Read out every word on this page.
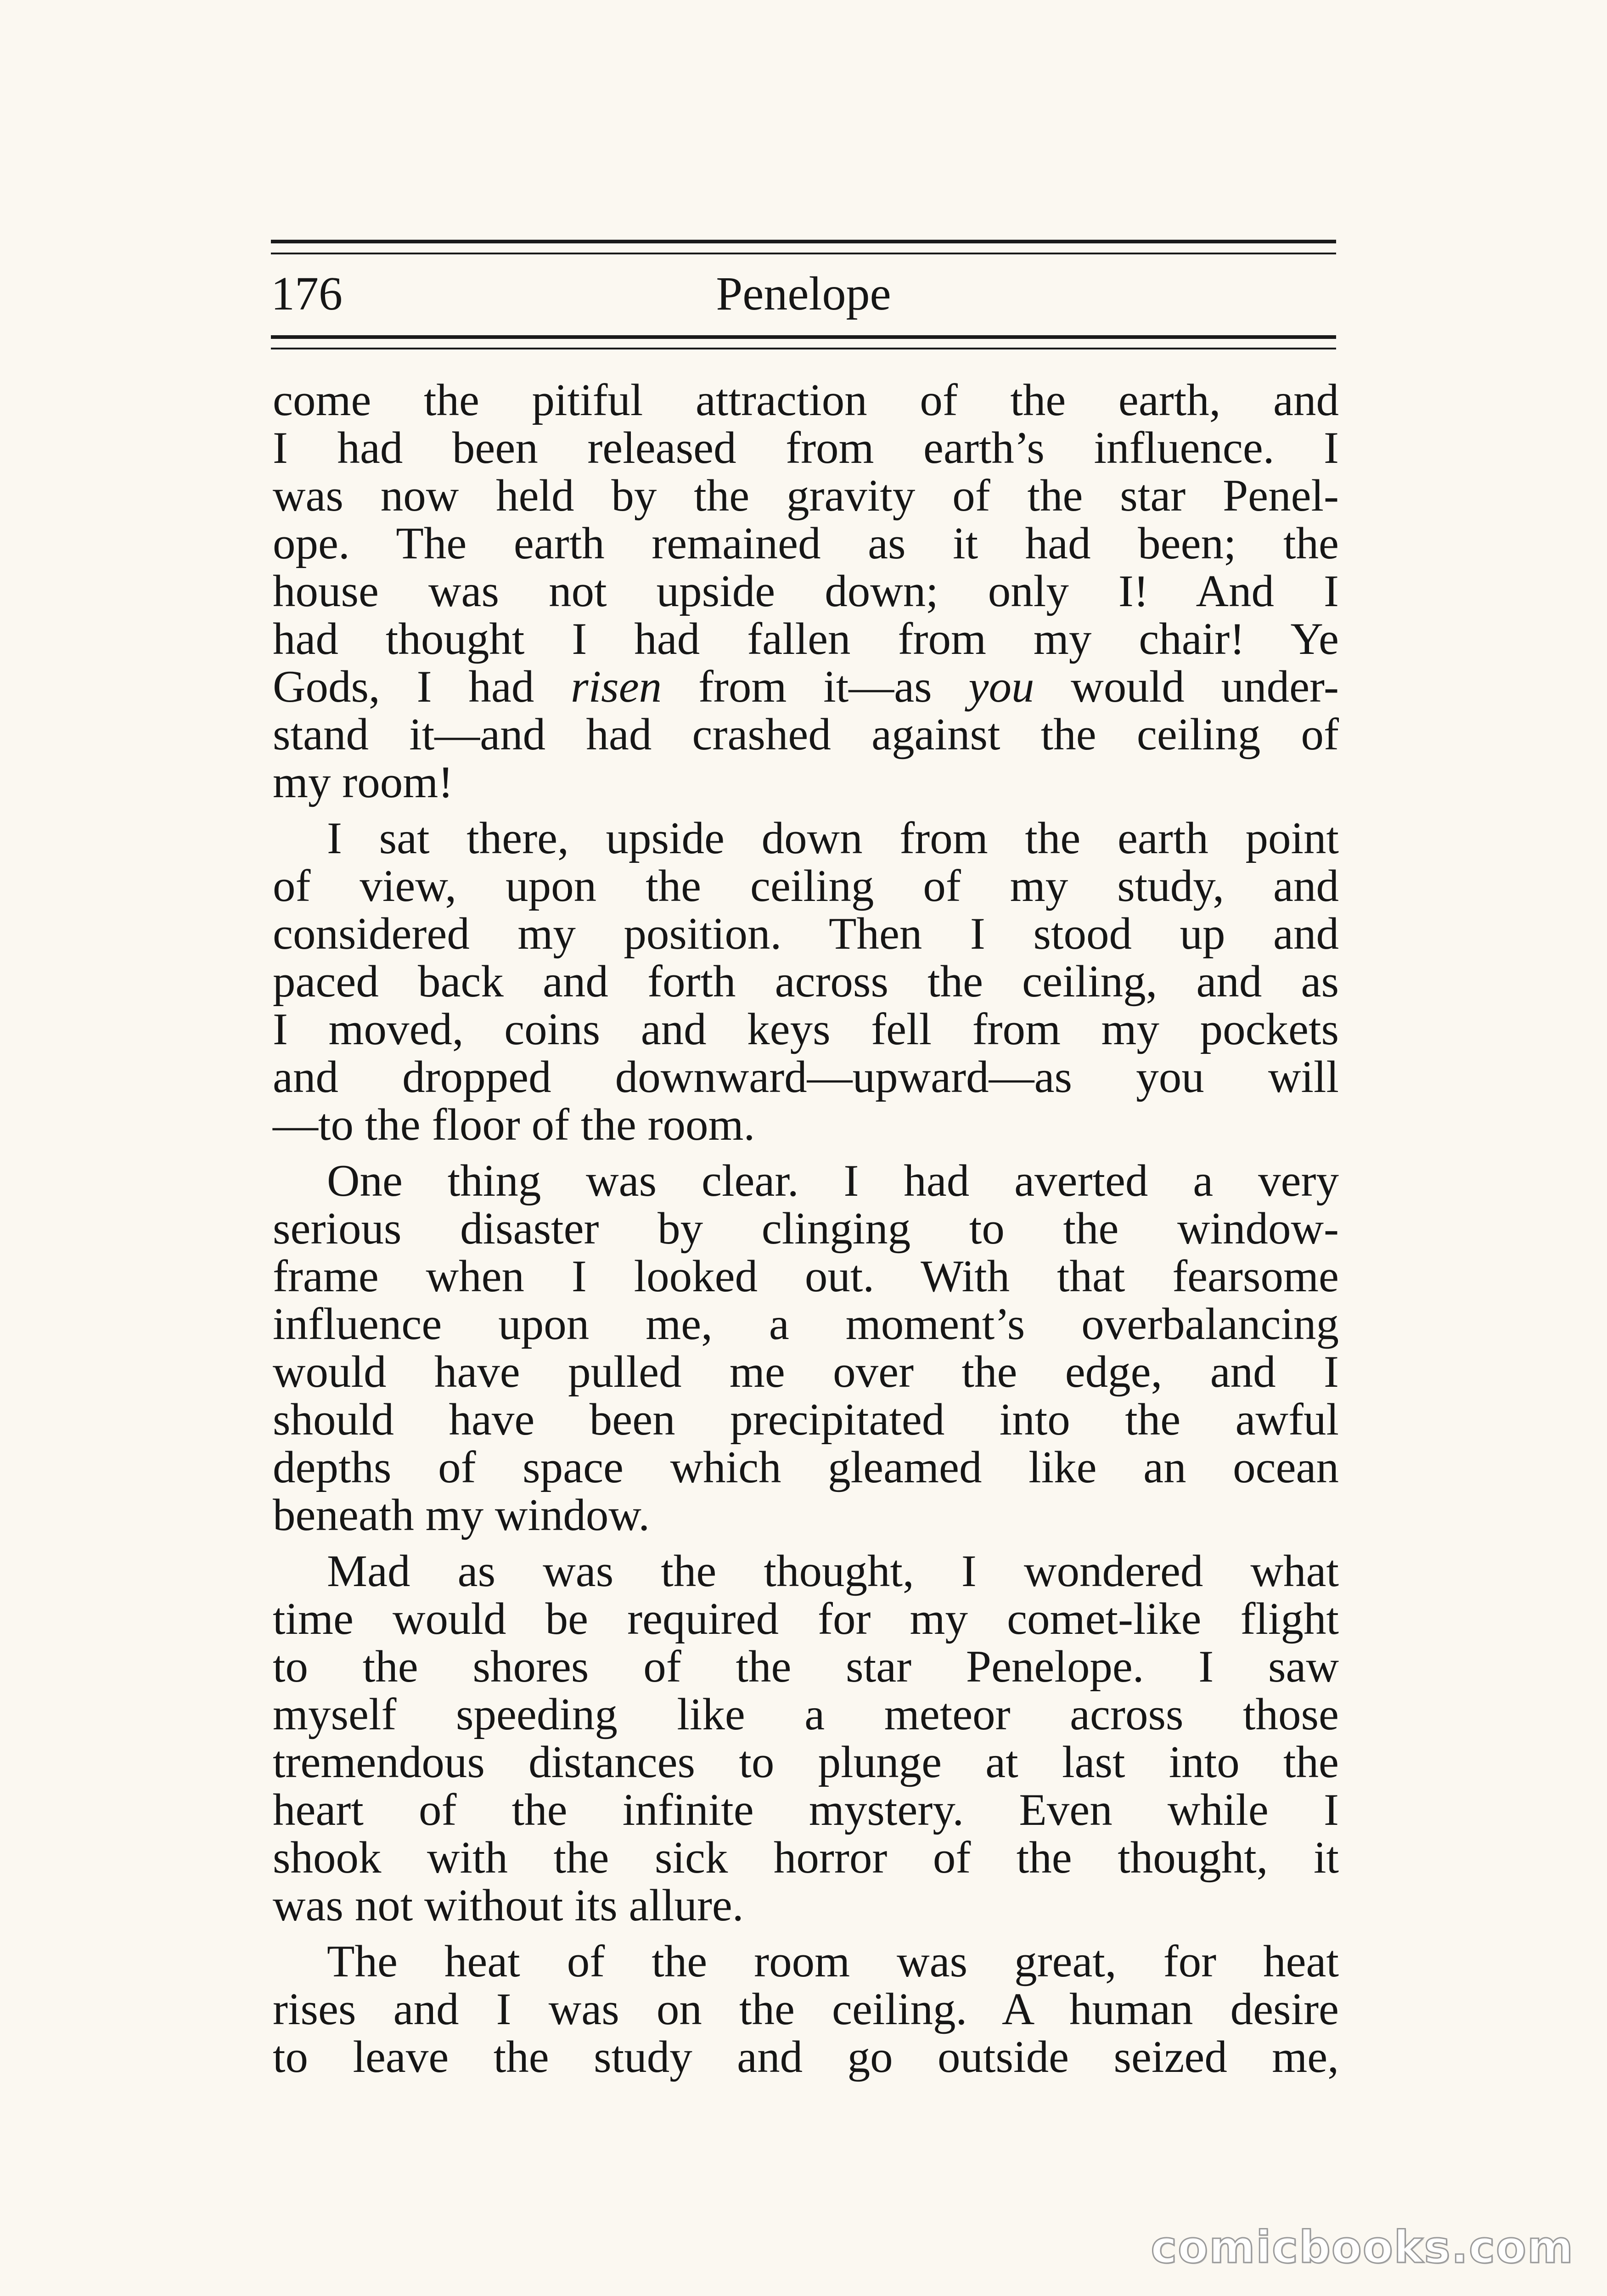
176	Penelope
come the pitiful attraction of the earth, and
I had been released from earth’s influence. I
was now held by the gravity of the star Penel-
ope. The earth remained as it had been; the
house was not upside down; only I! And I
had thought I had fallen from my chair! Ye
Gods, I had risen from it—as you would under-
stand it—and had crashed against the ceiling of
my room!
I sat there, upside down from the earth point
of view, upon the ceiling of my study, and
considered my position. Then I stood up and
paced back and forth across the ceiling, and as
I moved, coins and keys fell from my pockets
and dropped downward—upward—as you will
—to the floor of the room.
One thing was clear. I had averted a very
serious disaster by clinging to the window-
frame when I looked out. With that fearsome
influence upon me, a moment’s overbalancing
would have pulled me over the edge, and I
should have been precipitated into the awful
depths of space which gleamed like an ocean
beneath my window.
Mad as was the thought, I wondered what
time would be required for my comet-like flight
to the shores of the star Penelope. I saw
myself speeding like a meteor across those
tremendous distances to plunge at last into the
heart of the infinite mystery. Even while I
shook with the sick horror of the thought, it
was not without its allure.
The heat of the room was great, for heat
rises and I was on the ceiling. A human desire
to leave the study and go outside seized me,
comicbooks.com
